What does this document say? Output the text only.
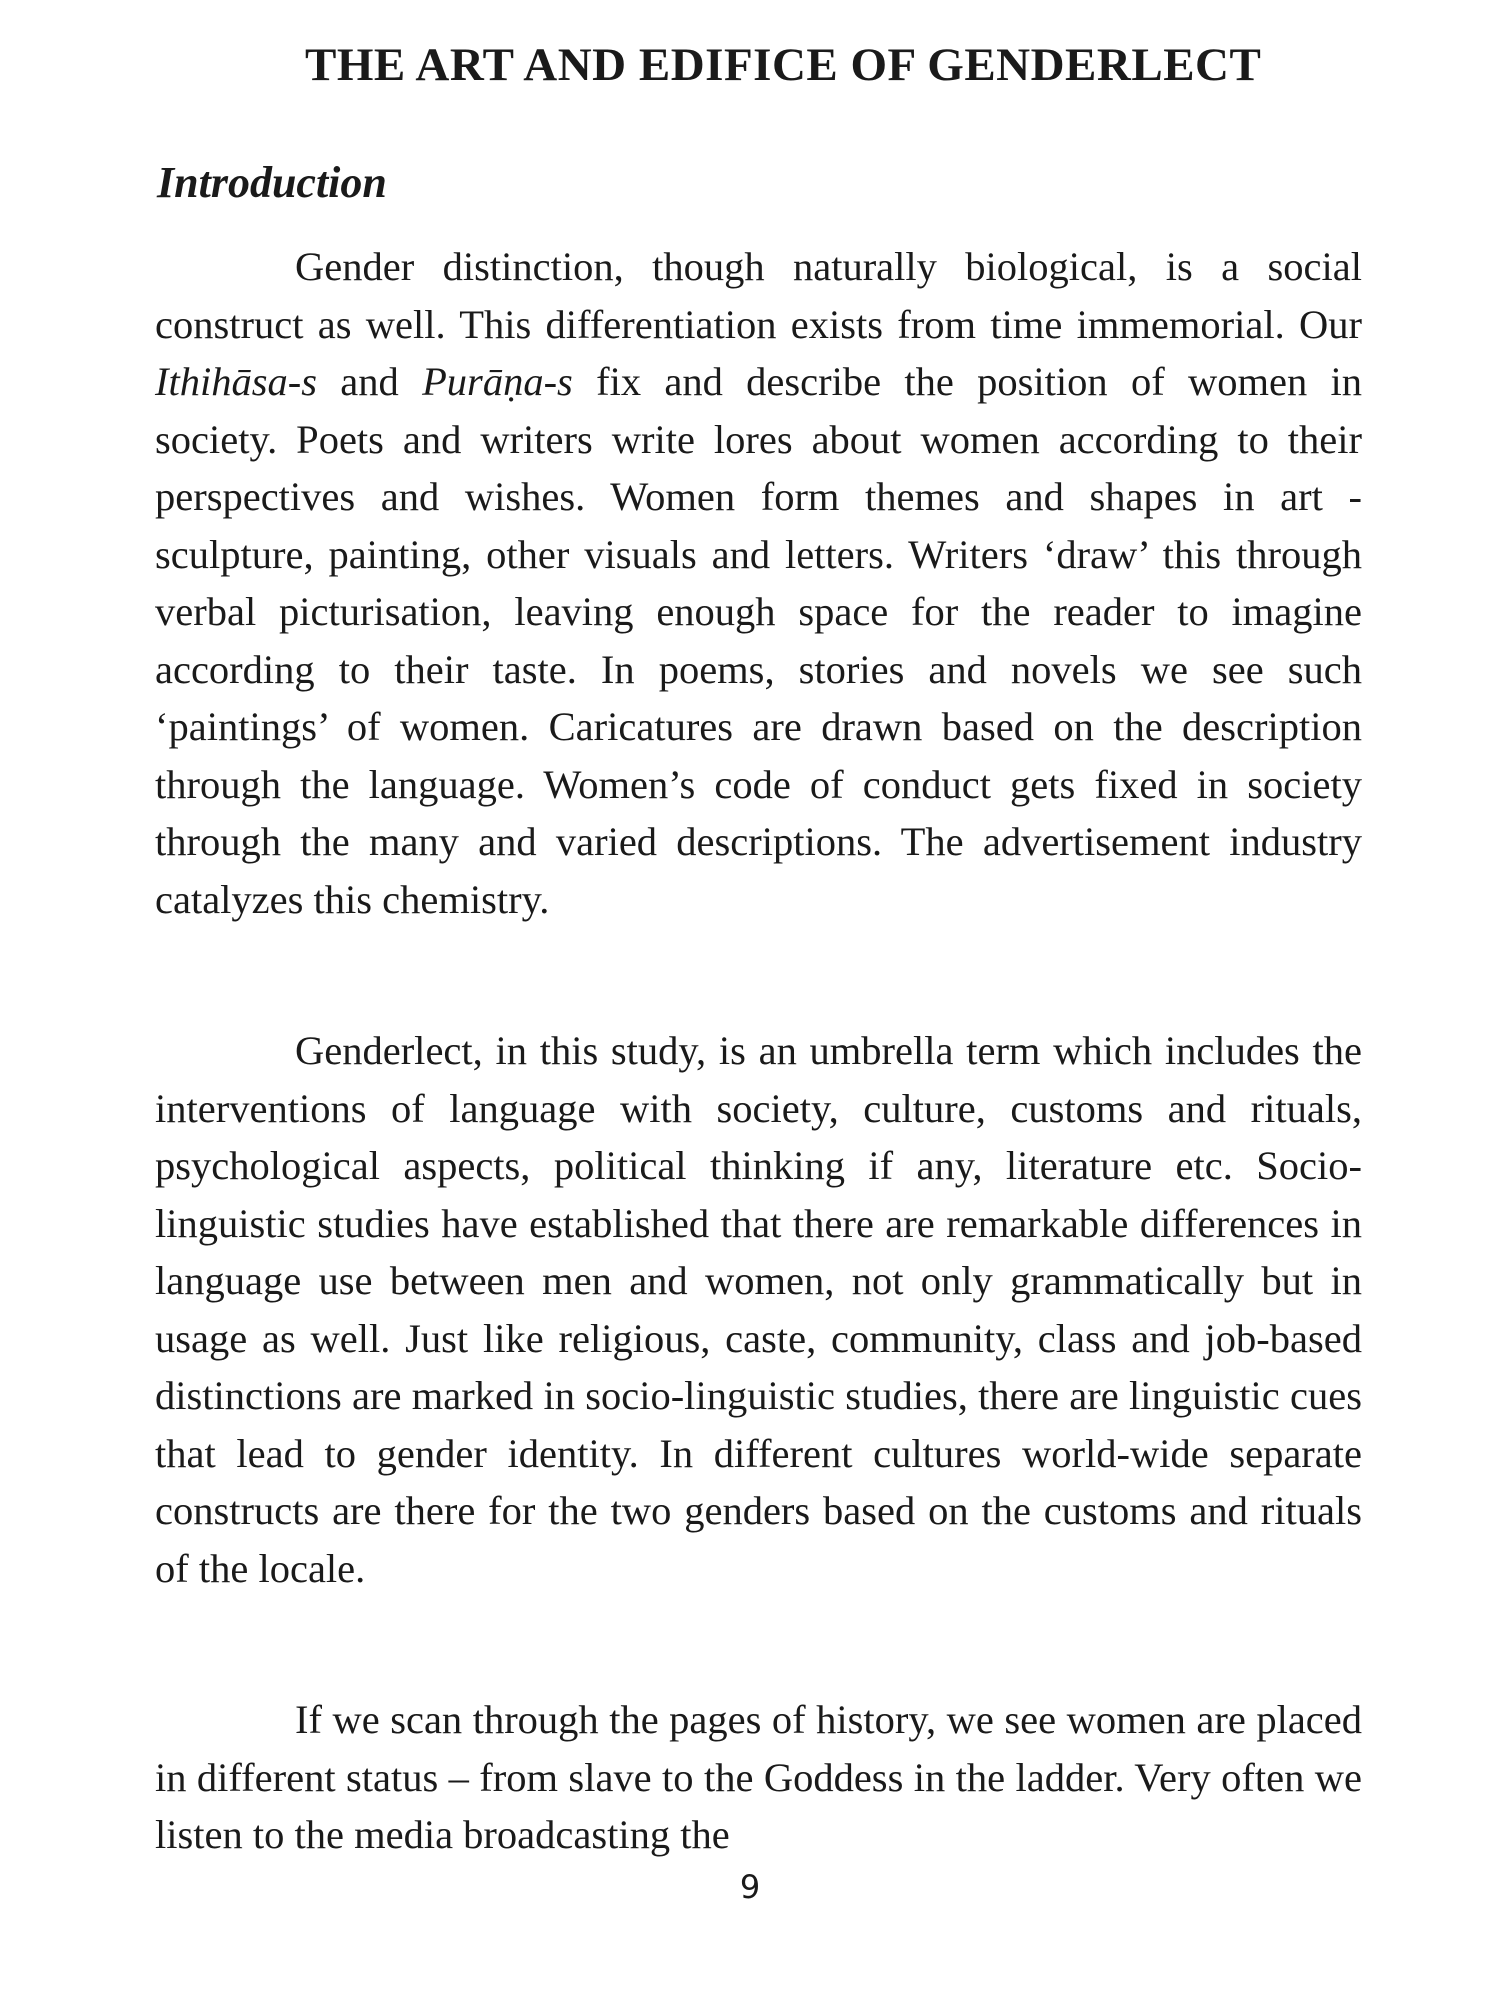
THE ART AND EDIFICE OF GENDERLECT
Introduction

Gender distinction, though naturally biological, is a social construct as well. This differentiation exists from time immemorial. Our Ithihāsa-s and Purāṇa-s fix and describe the position of women in society. Poets and writers write lores about women according to their perspectives and wishes. Women form themes and shapes in art - sculpture, painting, other visuals and letters. Writers ‘draw’ this through verbal picturisation, leaving enough space for the reader to imagine according to their taste. In poems, stories and novels we see such ‘paintings’ of women. Caricatures are drawn based on the description through the language. Women’s code of conduct gets fixed in society through the many and varied descriptions. The advertisement industry catalyzes this chemistry.

Genderlect, in this study, is an umbrella term which includes the interventions of language with society, culture, customs and rituals, psychological aspects, political thinking if any, literature etc. Socio-linguistic studies have established that there are remarkable differences in language use between men and women, not only grammatically but in usage as well. Just like religious, caste, community, class and job-based distinctions are marked in socio-linguistic studies, there are linguistic cues that lead to gender identity. In different cultures world-wide separate constructs are there for the two genders based on the customs and rituals of the locale.

If we scan through the pages of history, we see women are placed in different status – from slave to the Goddess in the ladder. Very often we listen to the media broadcasting the

9
